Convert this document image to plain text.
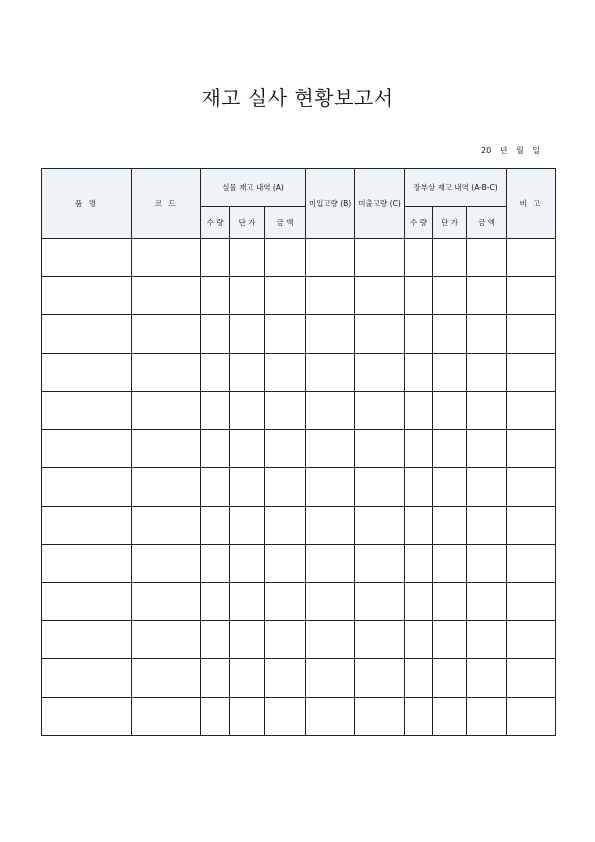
재고 실사 현황보고서
20 년 월 일
품 명	코 드	실물 재고 내역 (A)			미입고량 (B)	미출고량 (C)	장부상 재고 내역 (A-B-C)			비 고
		수 량	단 가	금 액			수 량	단 가	금 액	
